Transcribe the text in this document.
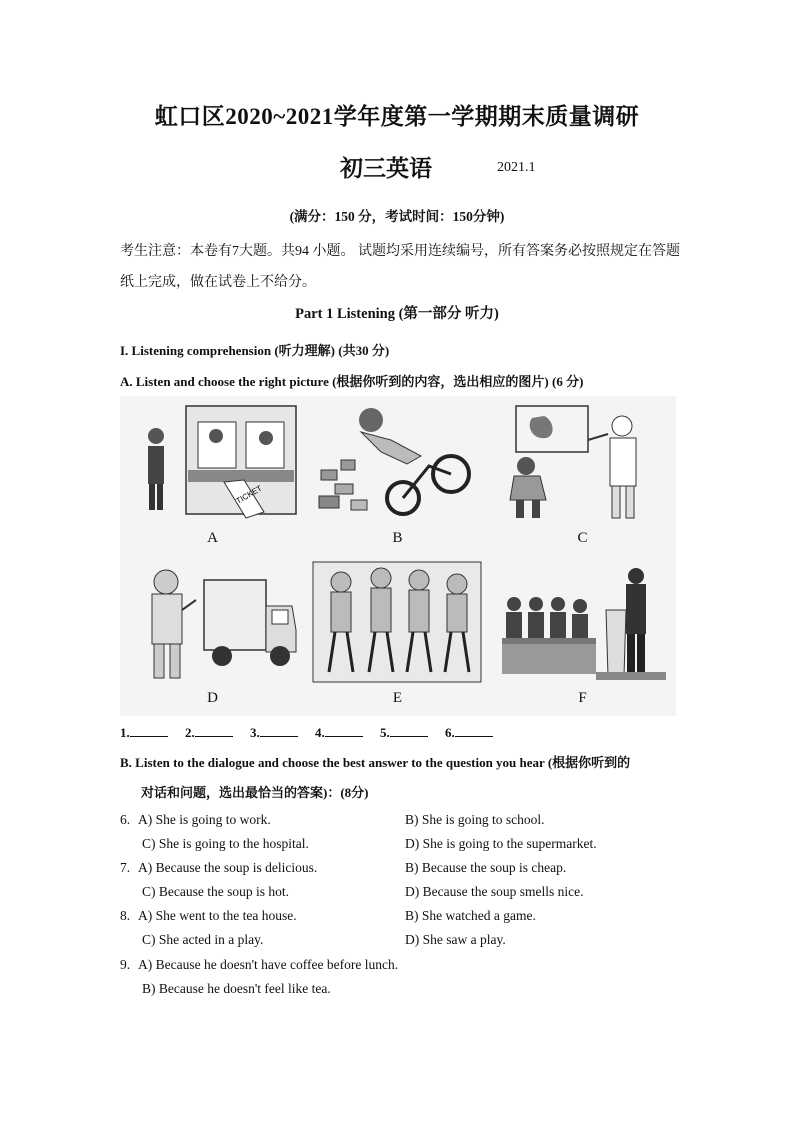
虹口区2020~2021学年度第一学期期末质量调研
初三英语	2021.1
(满分：150 分，考试时间：150分钟)
考生注意：本卷有7大题。共94 小题。 试题均采用连续编号，所有答案务必按照规定在答题纸上完成，做在试卷上不给分。
Part 1 Listening (第一部分 听力)
I. Listening comprehension (听力理解) (共30 分)
A. Listen and choose the right picture (根据你听到的内容，选出相应的图片) (6 分)
TICKET
A	B	C
D	E	F
1.	2.	3.	4.	5.	6.
B. Listen to the dialogue and choose the best answer to the question you hear (根据你听到的
对话和问题，选出最恰当的答案)：(8分)
6. A) She is going to work.	B) She is going to school.
C) She is going to the hospital.	D) She is going to the supermarket.
7. A) Because the soup is delicious.	B) Because the soup is cheap.
C) Because the soup is hot.	D) Because the soup smells nice.
8. A) She went to the tea house.	B) She watched a game.
C) She acted in a play.	D) She saw a play.
9. A) Because he doesn't have coffee before lunch.
B) Because he doesn't feel like tea.
